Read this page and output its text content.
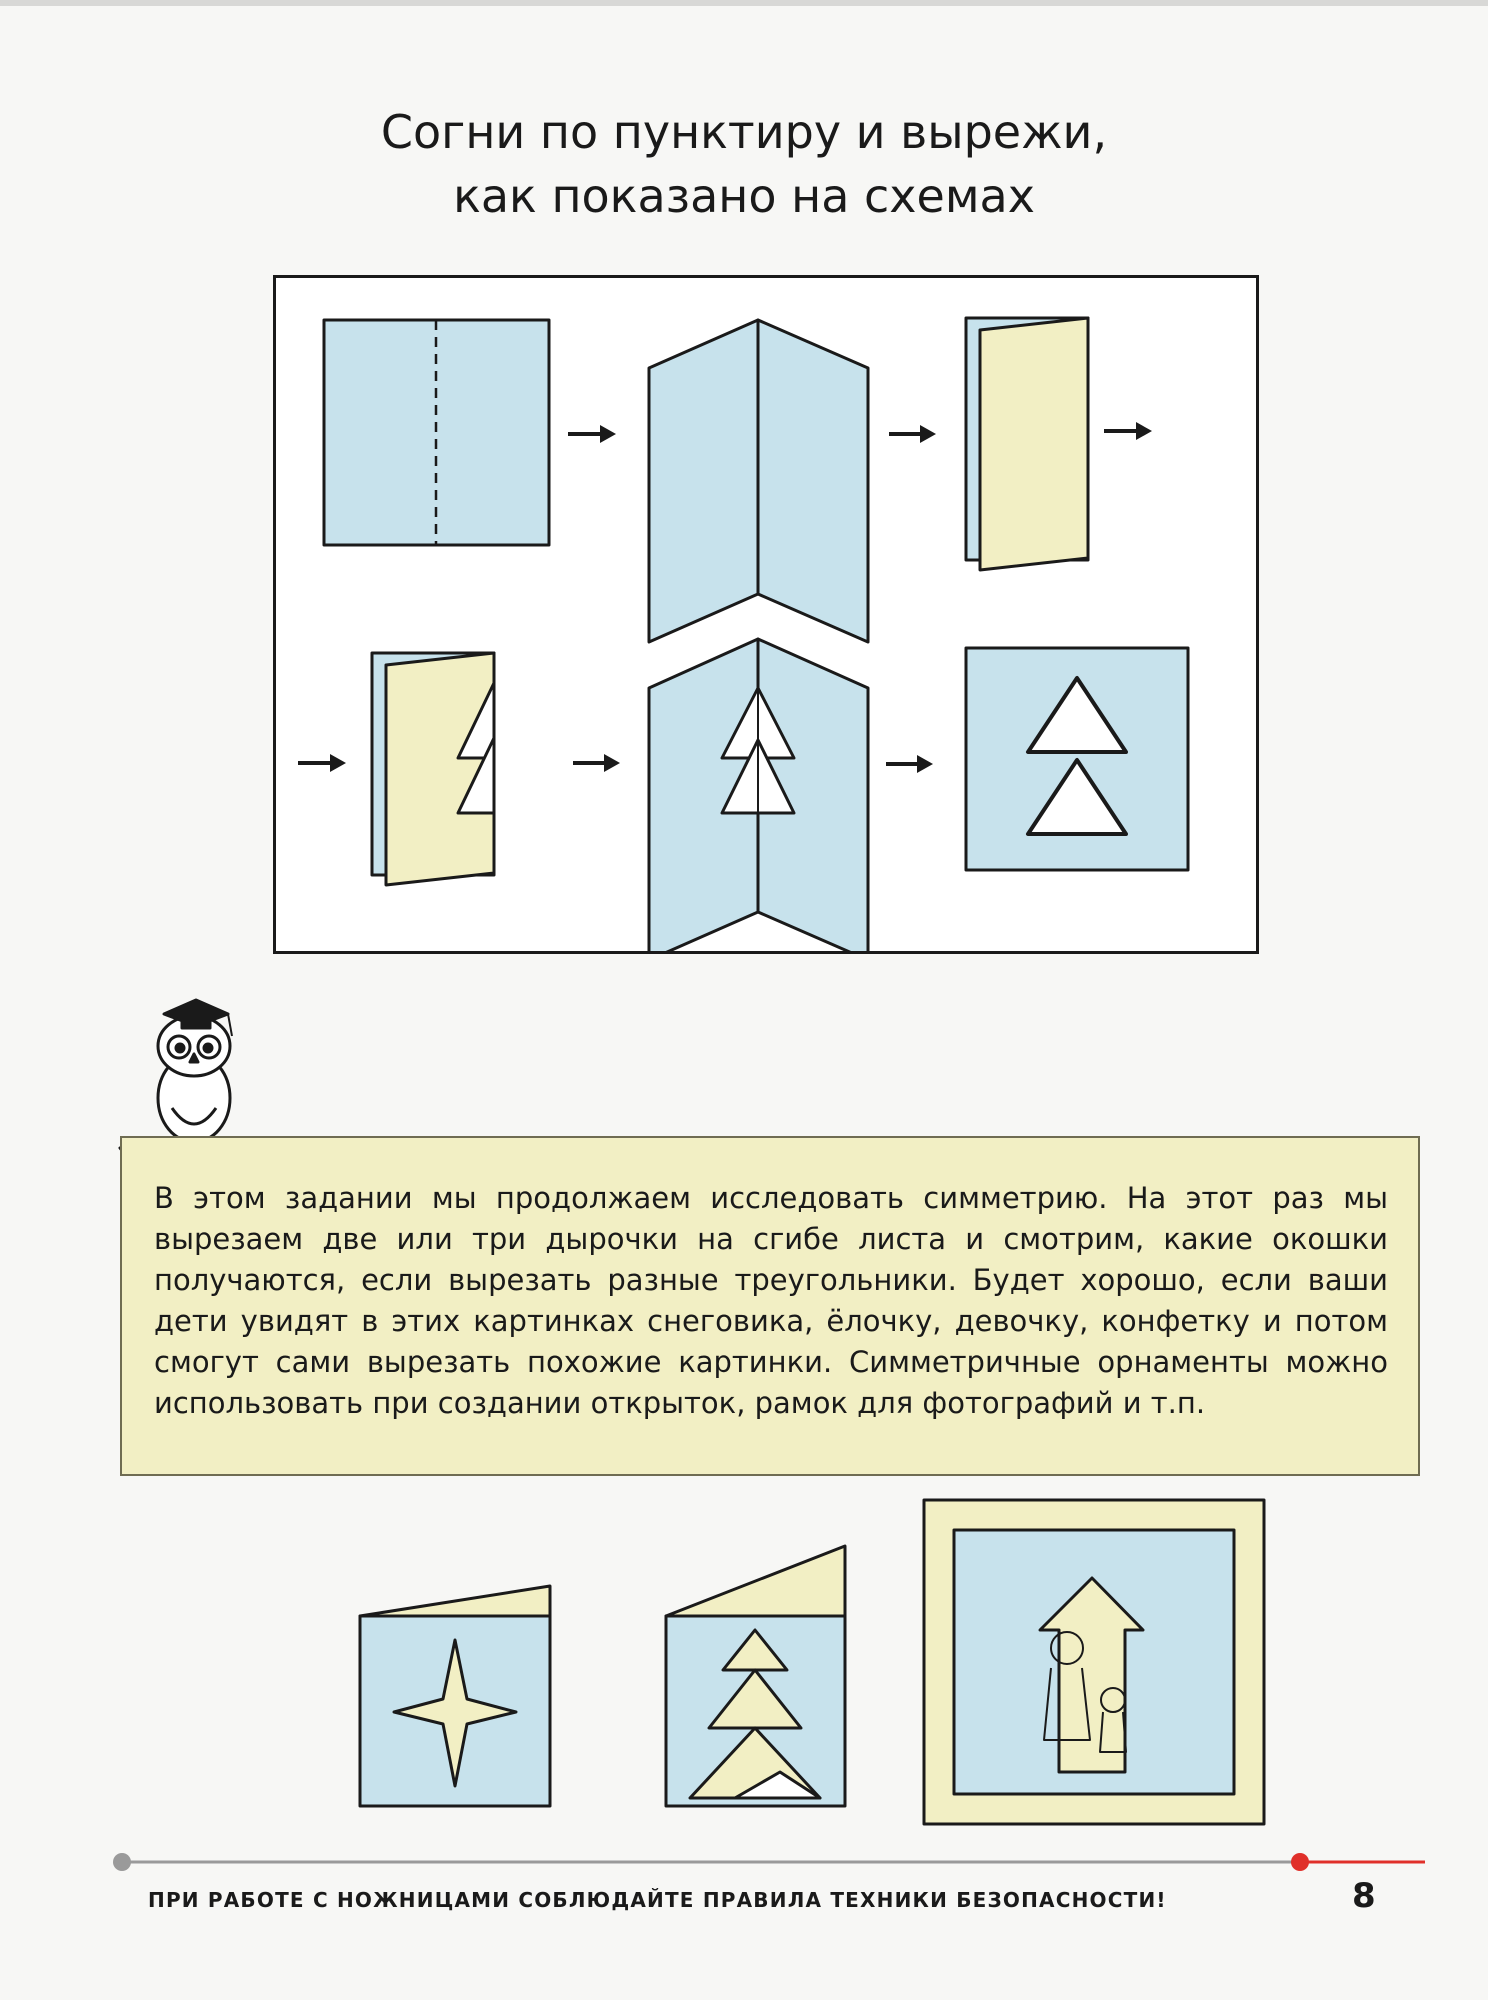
Согни по пунктиру и вырежи,
как показано на схемах
В этом задании мы продолжаем исследовать симметрию. На этот раз мы вырезаем две или три дырочки на сгибе листа и смотрим, какие окошки получаются, если вырезать разные треугольники. Будет хорошо, если ваши дети увидят в этих картинках снеговика, ёлочку, девочку, конфетку и потом смогут сами вырезать похожие картинки. Симметричные орнаменты можно использовать при создании открыток, рамок для фотографий и т.п.
ПРИ РАБОТЕ С НОЖНИЦАМИ СОБЛЮДАЙТЕ ПРАВИЛА ТЕХНИКИ БЕЗОПАСНОСТИ!	8
